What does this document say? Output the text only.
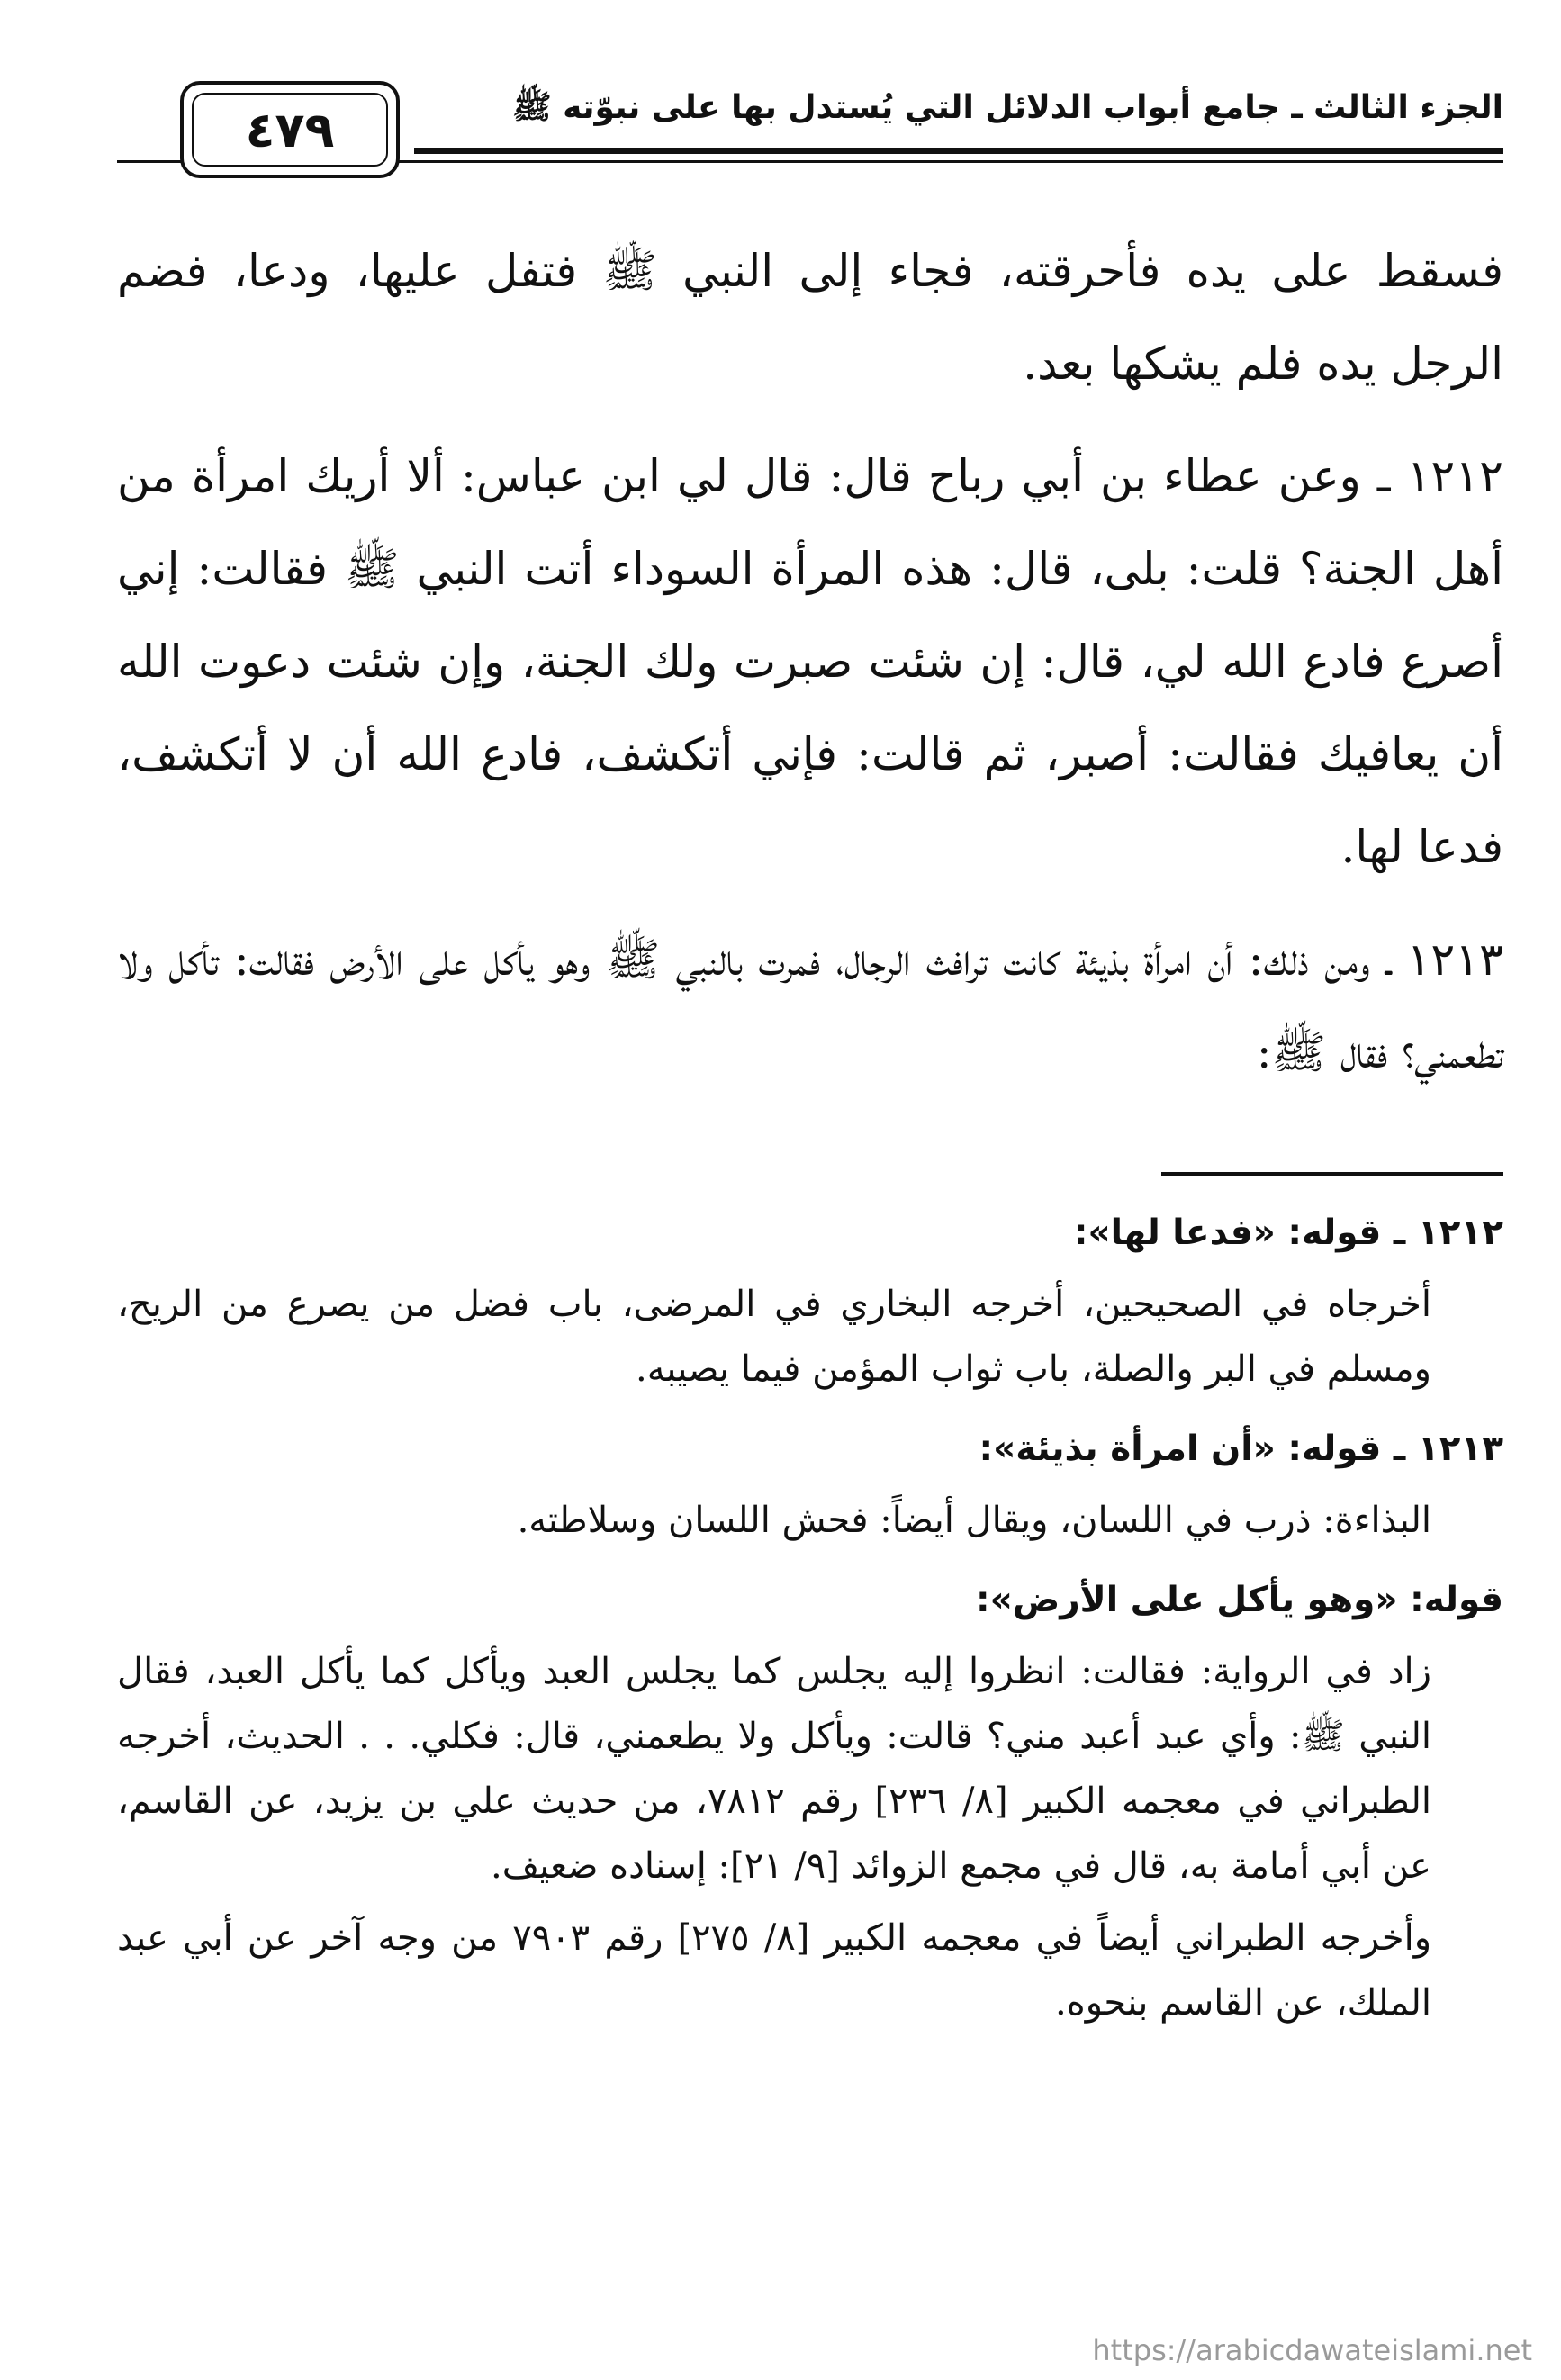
الجزء الثالث ـ جامع أبواب الدلائل التي يُستدل بها على نبوّته ﷺ
٤٧٩

فسقط على يده فأحرقته، فجاء إلى النبي ﷺ فتفل عليها، ودعا، فضم الرجل يده فلم يشكها بعد.

١٢١٢ ـ وعن عطاء بن أبي رباح قال: قال لي ابن عباس: ألا أريك امرأة من أهل الجنة؟ قلت: بلى، قال: هذه المرأة السوداء أتت النبي ﷺ فقالت: إني أصرع فادع الله لي، قال: إن شئت صبرت ولك الجنة، وإن شئت دعوت الله أن يعافيك فقالت: أصبر، ثم قالت: فإني أتكشف، فادع الله أن لا أتكشف، فدعا لها.

١٢١٣ ـ ومن ذلك: أن امرأة بذيئة كانت ترافث الرجال، فمرت بالنبي ﷺ وهو يأكل على الأرض فقالت: تأكل ولا تطعمني؟ فقال ﷺ:

١٢١٢ ـ قوله: «فدعا لها»:

أخرجاه في الصحيحين، أخرجه البخاري في المرضى، باب فضل من يصرع من الريح، ومسلم في البر والصلة، باب ثواب المؤمن فيما يصيبه.

١٢١٣ ـ قوله: «أن امرأة بذيئة»:

البذاءة: ذرب في اللسان، ويقال أيضاً: فحش اللسان وسلاطته.

قوله: «وهو يأكل على الأرض»:

زاد في الرواية: فقالت: انظروا إليه يجلس كما يجلس العبد ويأكل كما يأكل العبد، فقال النبي ﷺ: وأي عبد أعبد مني؟ قالت: ويأكل ولا يطعمني، قال: فكلي. . . الحديث، أخرجه الطبراني في معجمه الكبير [٨/ ٢٣٦] رقم ٧٨١٢، من حديث علي بن يزيد، عن القاسم، عن أبي أمامة به، قال في مجمع الزوائد [٩/ ٢١]: إسناده ضعيف.

وأخرجه الطبراني أيضاً في معجمه الكبير [٨/ ٢٧٥] رقم ٧٩٠٣ من وجه آخر عن أبي عبد الملك، عن القاسم بنحوه.

https://arabicdawateislami.net
